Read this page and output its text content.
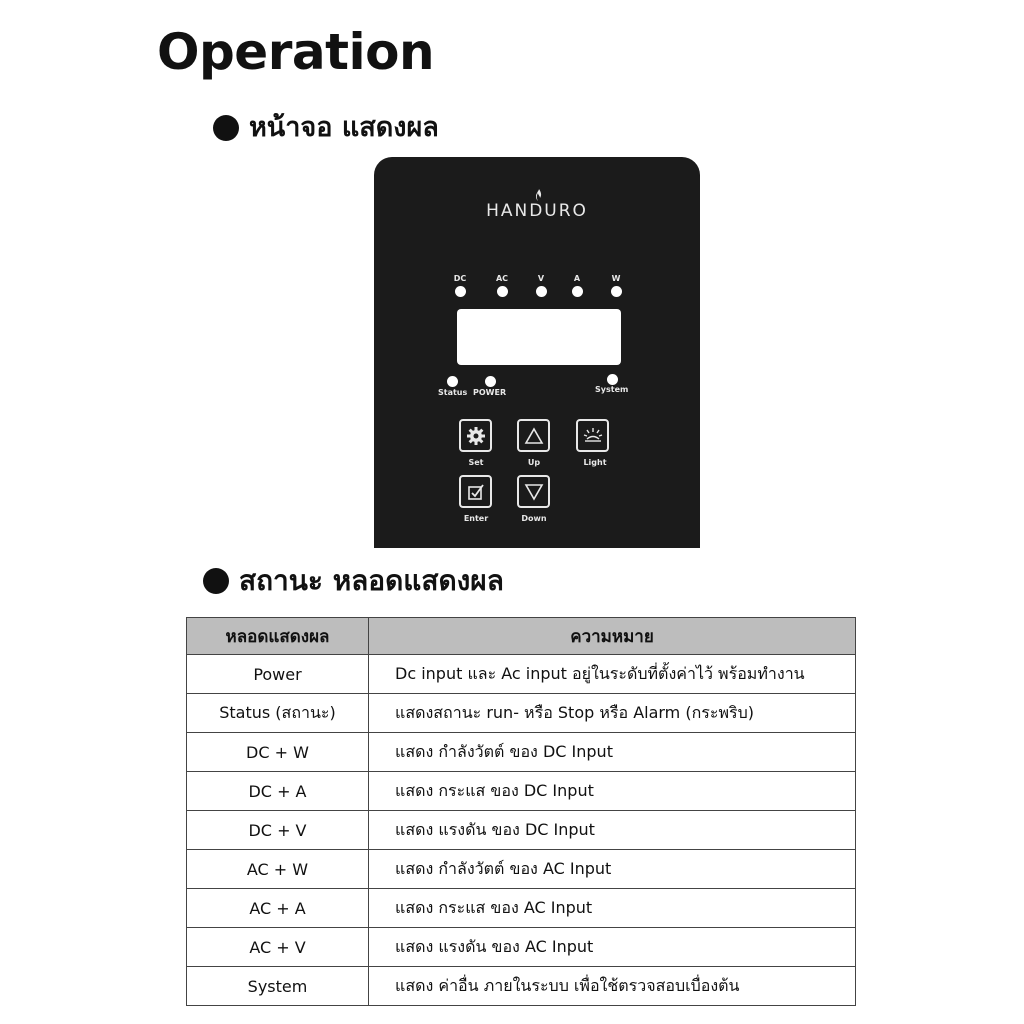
Operation
หน้าจอ แสดงผล
HANDURO
DC	AC	V	A	W
Status POWER	System
Set	Up	Light
Enter	Down
สถานะ หลอดแสดงผล
หลอดแสดงผล	ความหมาย
Power	Dc input และ Ac input อยู่ในระดับที่ตั้งค่าไว้ พร้อมทำงาน
Status (สถานะ)	แสดงสถานะ run- หรือ Stop หรือ Alarm (กระพริบ)
DC + W	แสดง กำลังวัตต์ ของ DC Input
DC + A	แสดง กระแส ของ DC Input
DC + V	แสดง แรงดัน ของ DC Input
AC + W	แสดง กำลังวัตต์ ของ AC Input
AC + A	แสดง กระแส ของ AC Input
AC + V	แสดง แรงดัน ของ AC Input
System	แสดง ค่าอื่น ภายในระบบ เพื่อใช้ตรวจสอบเบื่องต้น
